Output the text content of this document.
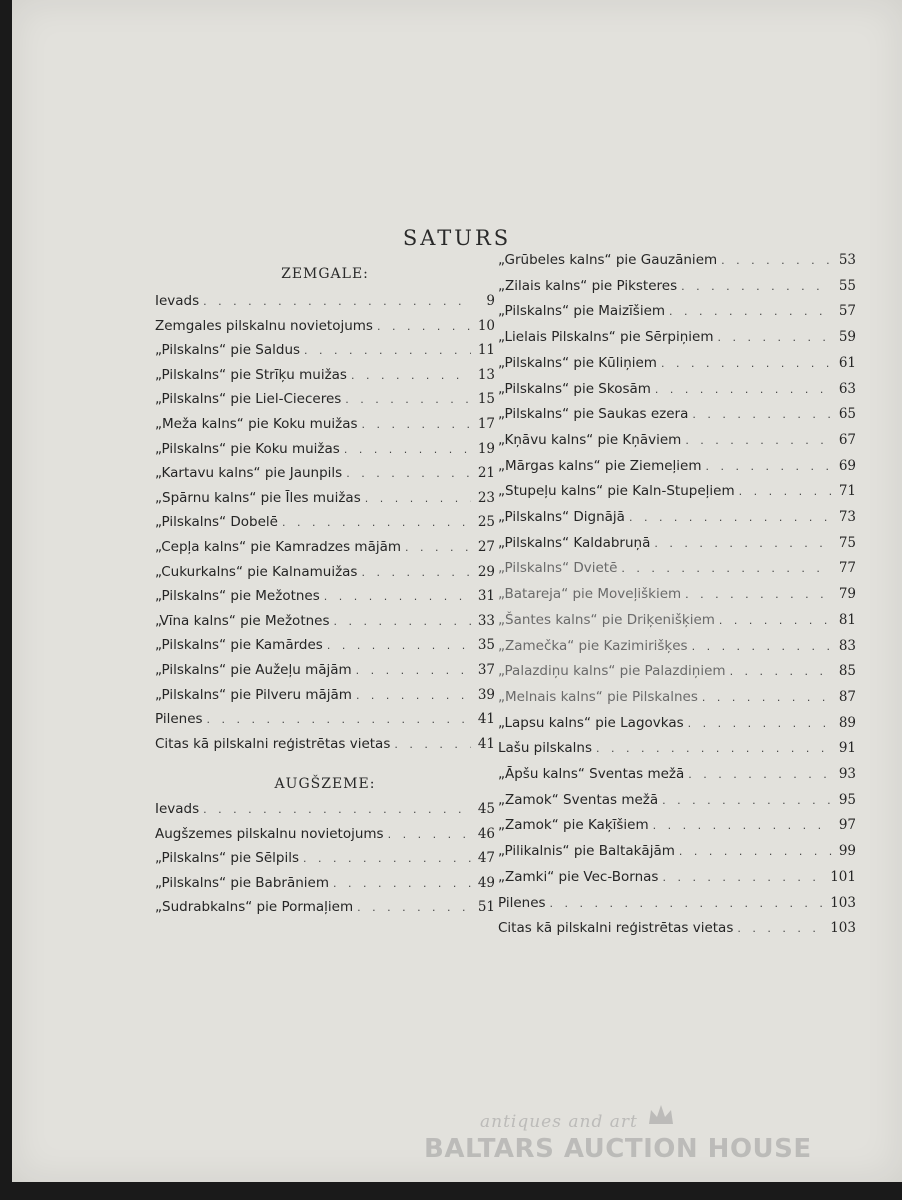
SATURS
ZEMGALE:
Ievads . . .	9
Zemgales pilskalnu novietojums . . .	10
„Pilskalns“ pie Saldus . . .	11
„Pilskalns“ pie Strīķu muižas . . .	13
„Pilskalns“ pie Liel-Cieceres . . .	15
„Meža kalns“ pie Koku muižas . . .	17
„Pilskalns“ pie Koku muižas . . .	19
„Kartavu kalns“ pie Jaunpils . . .	21
„Spārnu kalns“ pie Īles muižas . . .	23
„Pilskalns“ Dobelē . . .	25
„Cepļa kalns“ pie Kamradzes mājām . . .	27
„Cukurkalns“ pie Kalnamuižas . . .	29
„Pilskalns“ pie Mežotnes . . .	31
„Vīna kalns“ pie Mežotnes . . .	33
„Pilskalns“ pie Kamārdes . . .	35
„Pilskalns“ pie Aužeļu mājām . . .	37
„Pilskalns“ pie Pilveru mājām . . .	39
Pilenes . . .	41
Citas kā pilskalni reģistrētas vietas . . .	41
AUGŠZEME:
Ievads . . .	45
Augšzemes pilskalnu novietojums . . .	46
„Pilskalns“ pie Sēlpils . . .	47
„Pilskalns“ pie Babrāniem . . .	49
„Sudrabkalns“ pie Pormaļiem . . .	51
„Grūbeles kalns“ pie Gauzāniem . . .	53
„Zilais kalns“ pie Piksteres . . .	55
„Pilskalns“ pie Maizīšiem . . .	57
„Lielais Pilskalns“ pie Sērpiņiem . . .	59
„Pilskalns“ pie Kūliņiem . . .	61
„Pilskalns“ pie Skosām . . .	63
„Pilskalns“ pie Saukas ezera . . .	65
„Kņāvu kalns“ pie Kņāviem . . .	67
„Mārgas kalns“ pie Ziemeļiem . . .	69
„Stupeļu kalns“ pie Kaln-Stupeļiem . . .	71
„Pilskalns“ Dignājā . . .	73
„Pilskalns“ Kaldabruņā . . .	75
„Pilskalns“ Dvietē . . .	77
„Batareja“ pie Moveļiškiem . . .	79
„Šantes kalns“ pie Driķenišķiem . . .	81
„Zamečka“ pie Kazimirišķes . . .	83
„Palazdiņu kalns“ pie Palazdiņiem . . .	85
„Melnais kalns“ pie Pilskalnes . . .	87
„Lapsu kalns“ pie Lagovkas . . .	89
Lašu pilskalns . . .	91
„Āpšu kalns“ Sventas mežā . . .	93
„Zamok“ Sventas mežā . . .	95
„Zamok“ pie Kaķīšiem . . .	97
„Pilikalnis“ pie Baltakājām . . .	99
„Zamki“ pie Vec-Bornas . . .	101
Pilenes . . .	103
Citas kā pilskalni reģistrētas vietas . . .	103
antiques and art
BALTARS AUCTION HOUSE
